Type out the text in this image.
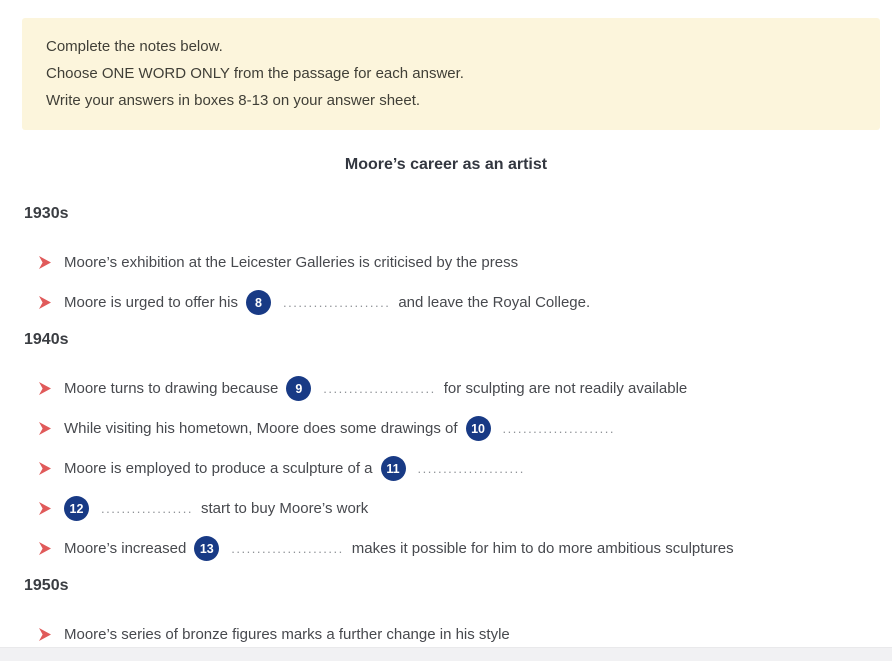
Complete the notes below.

Choose ONE WORD ONLY from the passage for each answer.

Write your answers in boxes 8-13 on your answer sheet.

Moore’s career as an artist
1930s
Moore’s exhibition at the Leicester Galleries is criticised by the press
Moore is urged to offer his	8	..................... and leave the Royal College.
1940s
Moore turns to drawing because	9	...................... for sculpting are not readily available
While visiting his hometown, Moore does some drawings of	10	......................
Moore is employed to produce a sculpture of a	11	.....................
12	.................. start to buy Moore’s work
Moore’s increased	13	...................... makes it possible for him to do more ambitious sculptures
1950s
Moore’s series of bronze figures marks a further change in his style
